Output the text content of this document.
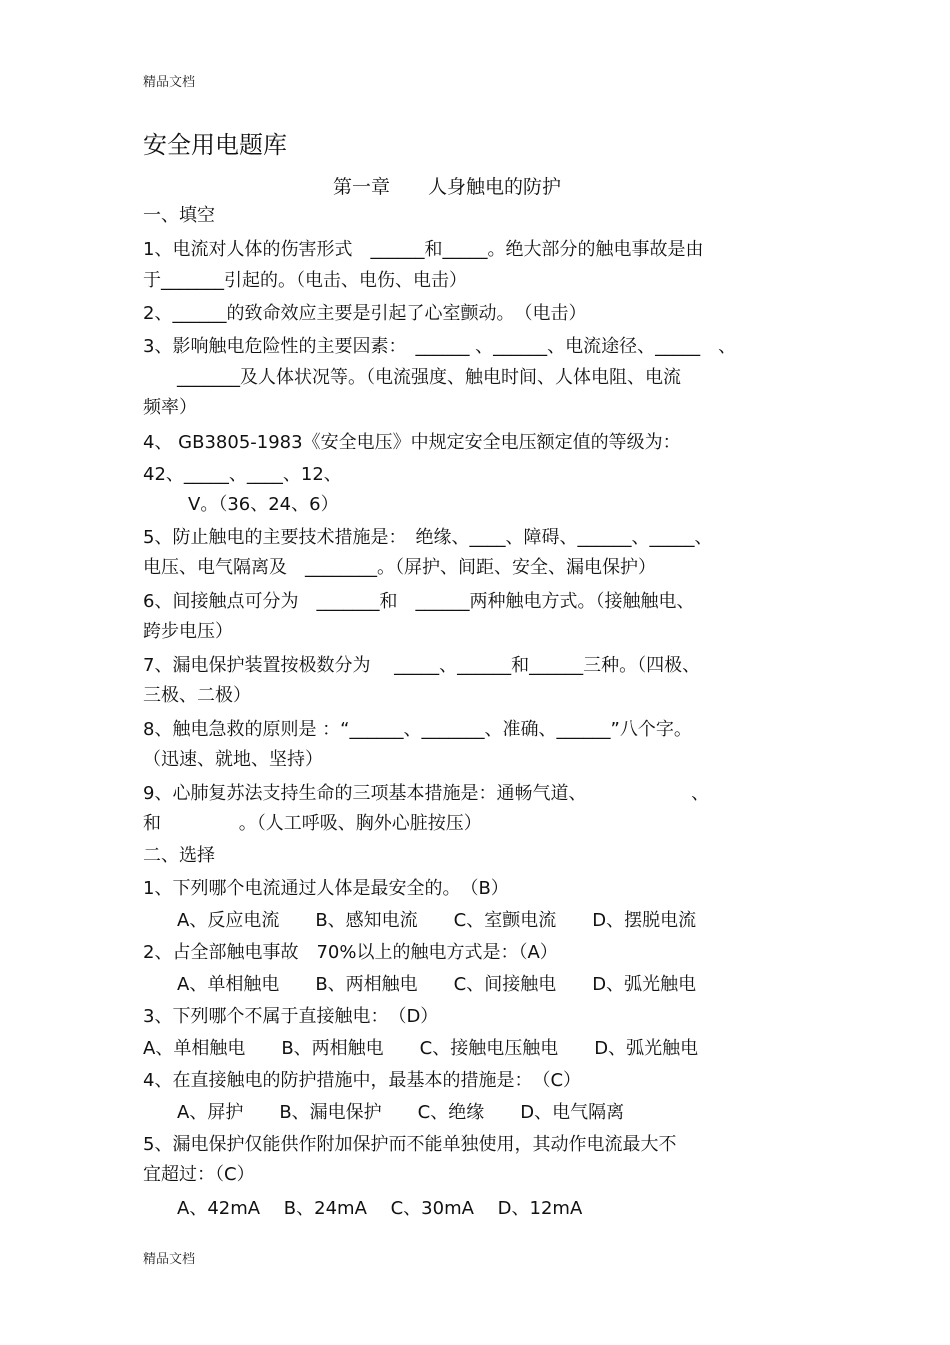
精品文档
安全用电题库
第一章　　人身触电的防护
一、填空
1、电流对人体的伤害形式　______和_____。绝大部分的触电事故是由
于_______引起的。（电击、电伤、电击）
2、______的致命效应主要是引起了心室颤动。　（电击）
3、影响触电危险性的主要因素：　______ 、______、电流途径、_____　、
_______及人体状况等。（电流强度、触电时间、人体电阻、电流
频率）
4、 GB3805-1983《安全电压》中规定安全电压额定值的等级为：
42、_____、____、12、
V。（36、24、6）
5、防止触电的主要技术措施是：　绝缘、____、障碍、______、_____、
电压、电气隔离及　________。（屏护、间距、安全、漏电保护）
6、间接触点可分为　_______和　______两种触电方式。（接触触电、
跨步电压）
7、漏电保护装置按极数分为　 _____、______和______三种。（四极、
三极、二极）
8、触电急救的原则是 ：“______、_______、准确、______”八个字。
（迅速、就地、坚持）
9、心肺复苏法支持生命的三项基本措施是：通畅气道、　　　　　　 、
和　　　　 。（人工呼吸、胸外心脏按压）
二、选择
1、下列哪个电流通过人体是最安全的。　（B）
A、反应电流　　B、感知电流　　C、室颤电流　　D、摆脱电流
2、占全部触电事故　70%以上的触电方式是：（A）
A、单相触电　　B、两相触电　　C、间接触电　　D、弧光触电
3、下列哪个不属于直接触电：　（D）
A、单相触电　　B、两相触电　　C、接触电压触电　　D、弧光触电
4、在直接触电的防护措施中，最基本的措施是：　（C）
A、屏护　　B、漏电保护　　C、绝缘　　D、电气隔离
5、漏电保护仅能供作附加保护而不能单独使用，其动作电流最大不
宜超过：（C）
A、42mA　 B、24mA　 C、30mA　 D、12mA
精品文档
